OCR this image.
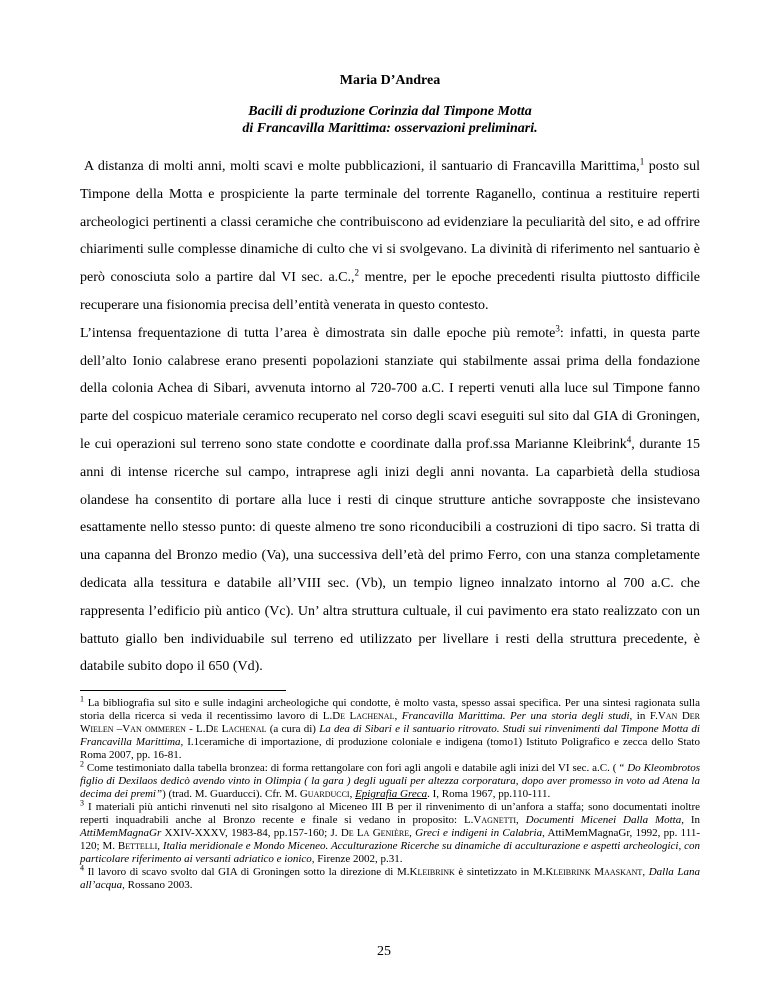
Maria D’Andrea
Bacili di produzione Corinzia dal Timpone Motta
di Francavilla Marittima: osservazioni preliminari.

A distanza di molti anni, molti scavi e molte pubblicazioni, il santuario di Francavilla Marittima,$^1$ posto sul Timpone della Motta e prospiciente la parte terminale del torrente Raganello, continua a restituire reperti archeologici pertinenti a classi ceramiche che contribuiscono ad evidenziare la peculiarità del sito, e ad offrire chiarimenti sulle complesse dinamiche di culto che vi si svolgevano. La divinità di riferimento nel santuario è però conosciuta solo a partire dal VI sec. a.C.,$^2$ mentre, per le epoche precedenti risulta piuttosto difficile recuperare una fisionomia precisa dell’entità venerata in questo contesto.

L’intensa frequentazione di tutta l’area è dimostrata sin dalle epoche più remote$^3$: infatti, in questa parte dell’alto Ionio calabrese erano presenti popolazioni stanziate qui stabilmente assai prima della fondazione della colonia Achea di Sibari, avvenuta intorno al 720-700 a.C. I reperti venuti alla luce sul Timpone fanno parte del cospicuo materiale ceramico recuperato nel corso degli scavi eseguiti sul sito dal GIA di Groningen, le cui operazioni sul terreno sono state condotte e coordinate dalla prof.ssa Marianne Kleibrink$^4$, durante 15 anni di intense ricerche sul campo, intraprese agli inizi degli anni novanta. La caparbietà della studiosa olandese ha consentito di portare alla luce i resti di cinque strutture antiche sovrapposte che insistevano esattamente nello stesso punto: di queste almeno tre sono riconducibili a costruzioni di tipo sacro. Si tratta di una capanna del Bronzo medio (Va), una successiva dell’età del primo Ferro, con una stanza completamente dedicata alla tessitura e databile all’VIII sec. (Vb), un tempio ligneo innalzato intorno al 700 a.C. che rappresenta l’edificio più antico (Vc). Un’ altra struttura cultuale, il cui pavimento era stato realizzato con un battuto giallo ben individuabile sul terreno ed utilizzato per livellare i resti della struttura precedente, è databile subito dopo il 650 (Vd).

$^1$ La bibliografia sul sito e sulle indagini archeologiche qui condotte, è molto vasta, spesso assai specifica. Per una sintesi ragionata sulla storia della ricerca si veda il recentissimo lavoro di L.De Lachenal, Francavilla Marittima. Per una storia degli studi, in F.Van Der Wielen –Van ommeren - L.De Lachenal (a cura di) La dea di Sibari e il santuario ritrovato. Studi sui rinvenimenti dal Timpone Motta di Francavilla Marittima, I.1ceramiche di importazione, di produzione coloniale e indigena (tomo1) Istituto Poligrafico e zecca dello Stato Roma 2007, pp. 16-81.

$^2$ Come testimoniato dalla tabella bronzea: di forma rettangolare con fori agli angoli e databile agli inizi del VI sec. a.C. ( “ Do Kleombrotos figlio di Dexilaos dedicò avendo vinto in Olimpia ( la gara ) degli uguali per altezza corporatura, dopo aver promesso in voto ad Atena la decima dei premi”) (trad. M. Guarducci). Cfr. M. Guarducci, Epigrafia Greca. I, Roma 1967, pp.110-111.

$^3$ I materiali più antichi rinvenuti nel sito risalgono al Miceneo III B per il rinvenimento di un’anfora a staffa; sono documentati inoltre reperti inquadrabili anche al Bronzo recente e finale si vedano in proposito: L.Vagnetti, Documenti Micenei Dalla Motta, In AttiMemMagnaGr XXIV-XXXV, 1983-84, pp.157-160; J. De La Genière, Greci e indigeni in Calabria, AttiMemMagnaGr, 1992, pp. 111-120; M. Bettelli, Italia meridionale e Mondo Miceneo. Acculturazione Ricerche su dinamiche di acculturazione e aspetti archeologici, con particolare riferimento ai versanti adriatico e ionico, Firenze 2002, p.31.

$^4$ Il lavoro di scavo svolto dal GIA di Groningen sotto la direzione di M.Kleibrink è sintetizzato in M.Kleibrink Maaskant, Dalla Lana all’acqua, Rossano 2003.

25
